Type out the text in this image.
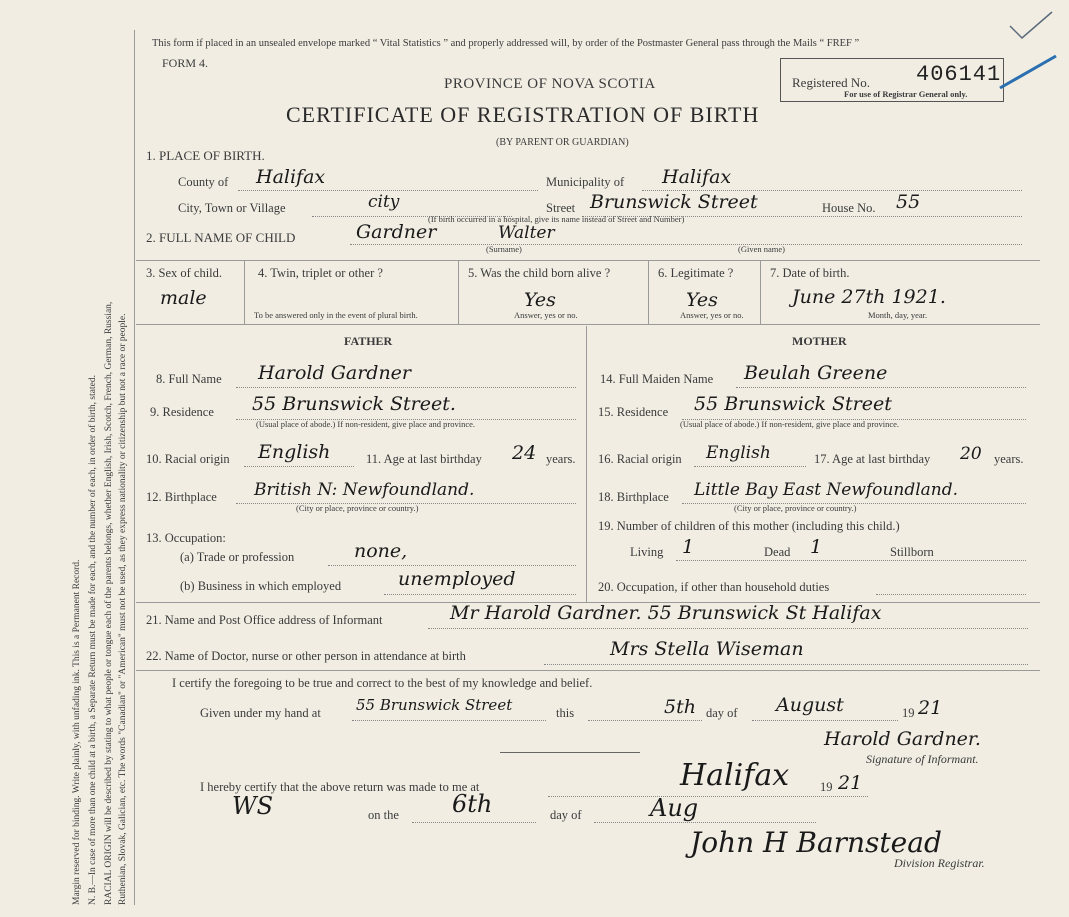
Margin reserved for binding. Write plainly, with unfading ink. This is a Permanent Record. N. B.—In case of more than one child at a birth, a Separate Return must be made for each, and the number of each, in order of birth, stated. RACIAL ORIGIN will be described by stating to what people or tongue each of the parents belongs, whether English, Irish, Scotch, French, German, Russian, Ruthenian, Slovak, Galician, etc. The words "Canadian" or "American" must not be used, as they express nationality or citizenship but not a race or people.
This form if placed in an unsealed envelope marked “ Vital Statistics ” and properly addressed will, by order of the Postmaster General pass through the Mails “ FREF ”
FORM 4.
PROVINCE OF NOVA SCOTIA
CERTIFICATE OF REGISTRATION OF BIRTH
(BY PARENT OR GUARDIAN)
Registered No. 406141
For use of Registrar General only.
1. PLACE OF BIRTH.
County of Halifax	Municipality of Halifax
City, Town or Village	city	Street Brunswick Street	House No. 55
(If birth occurred in a hospital, give its name instead of Street and Number)
2. FULL NAME OF CHILD	Gardner	Walter
(Surname)	(Given name)
3. Sex of child.
male
4. Twin, triplet or other ?
To be answered only in the event of plural birth.
5. Was the child born alive ?
Yes
Answer, yes or no.
6. Legitimate ?
Yes
Answer, yes or no.
7. Date of birth.
June 27th 1921.
Month, day, year.
FATHER	MOTHER
8. Full Name Harold Gardner
9. Residence 55 Brunswick Street.
(Usual place of abode.) If non-resident, give place and province.
10. Racial origin English	11. Age at last birthday 24 years.
12. Birthplace British N: Newfoundland.
(City or place, province or country.)
13. Occupation:
(a) Trade or profession	none,
(b) Business in which employed	unemployed
14. Full Maiden Name Beulah Greene
15. Residence 55 Brunswick Street
(Usual place of abode.) If non-resident, give place and province.
16. Racial origin English	17. Age at last birthday 20 years.
18. Birthplace Little Bay East Newfoundland.
(City or place, province or country.)
19. Number of children of this mother (including this child.)
Living 1	Dead 1	Stillborn
20. Occupation, if other than household duties
21. Name and Post Office address of Informant	Mr Harold Gardner. 55 Brunswick St Halifax
22. Name of Doctor, nurse or other person in attendance at birth	Mrs Stella Wiseman
I certify the foregoing to be true and correct to the best of my knowledge and belief.
Given under my hand at 55 Brunswick Street	this	5th day of August	19 21
Harold Gardner.
Signature of Informant.
I hereby certify that the above return was made to me at	Halifax
WS	on the 6th	day of	Aug
19 21
John H Barnstead
Division Registrar.
